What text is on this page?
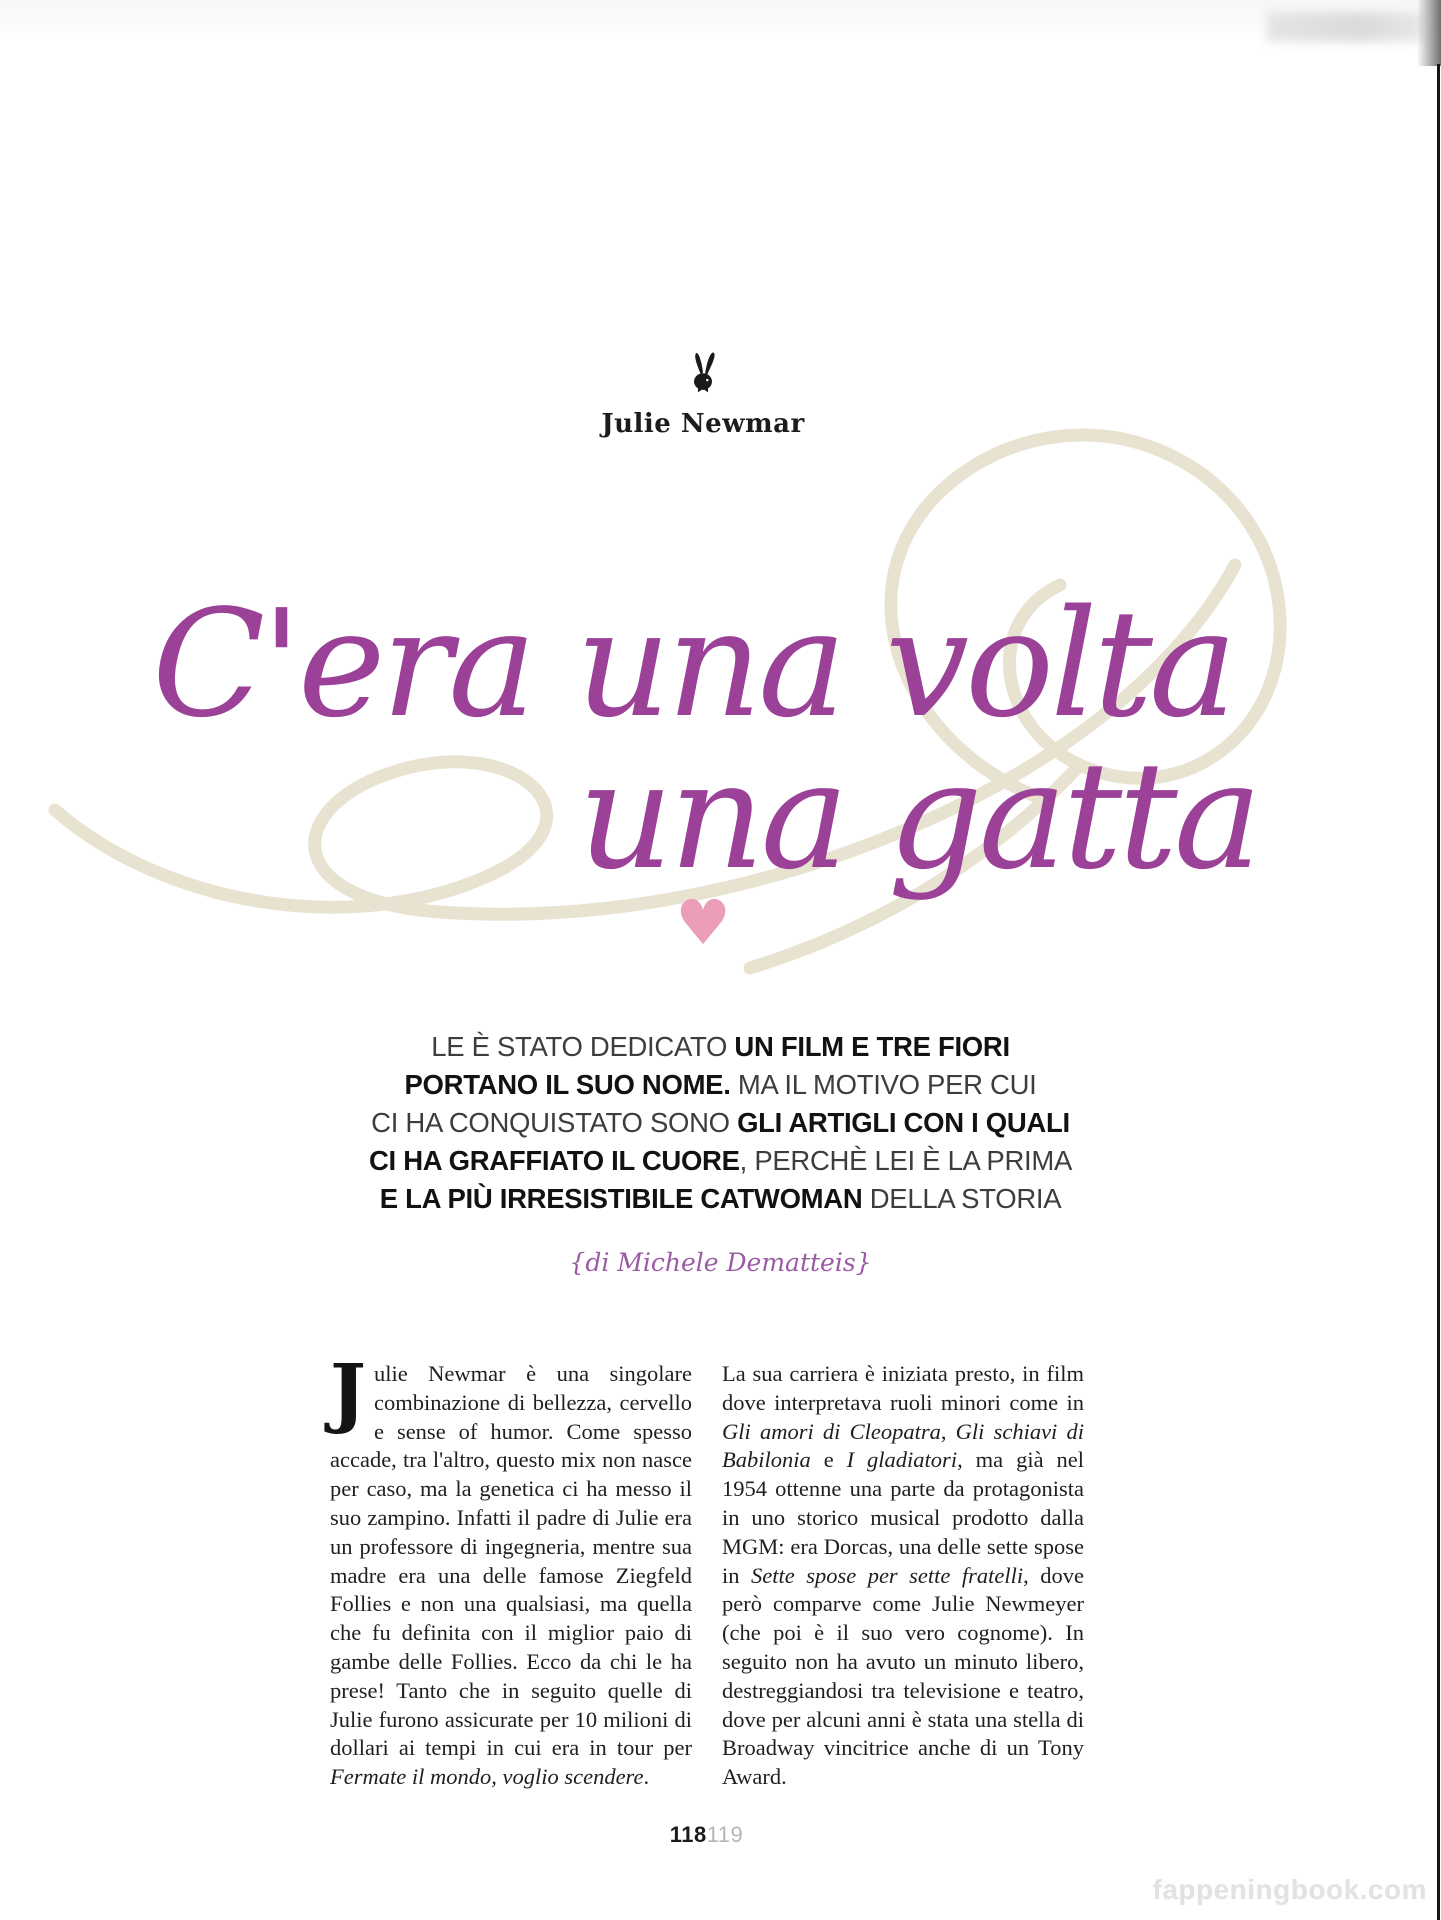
Julie Newmar
C'era una volta
una gatta
♥
LE È STATO DEDICATO UN FILM E TRE FIORI
PORTANO IL SUO NOME. MA IL MOTIVO PER CUI
CI HA CONQUISTATO SONO GLI ARTIGLI CON I QUALI
CI HA GRAFFIATO IL CUORE, PERCHÈ LEI È LA PRIMA
E LA PIÙ IRRESISTIBILE CATWOMAN DELLA STORIA
{di Michele Dematteis}
Julie Newmar è una singolare combinazione di bellezza, cervello e sense of humor. Come spesso accade, tra l'altro, questo mix non nasce per caso, ma la genetica ci ha messo il suo zampino. Infatti il padre di Julie era un professore di ingegneria, mentre sua madre era una delle famose Ziegfeld Follies e non una qualsiasi, ma quella che fu definita con il miglior paio di gambe delle Follies. Ecco da chi le ha prese! Tanto che in seguito quelle di Julie furono assicurate per 10 milioni di dollari ai tempi in cui era in tour per Fermate il mondo, voglio scendere.
La sua carriera è iniziata presto, in film dove interpretava ruoli minori come in Gli amori di Cleopatra, Gli schiavi di Babilonia e I gladiatori, ma già nel 1954 ottenne una parte da protagonista in uno storico musical prodotto dalla MGM: era Dorcas, una delle sette spose in Sette spose per sette fratelli, dove però comparve come Julie Newmeyer (che poi è il suo vero cognome). In seguito non ha avuto un minuto libero, destreggiandosi tra televisione e teatro, dove per alcuni anni è stata una stella di Broadway vincitrice anche di un Tony Award.
118119
fappeningbook.com
